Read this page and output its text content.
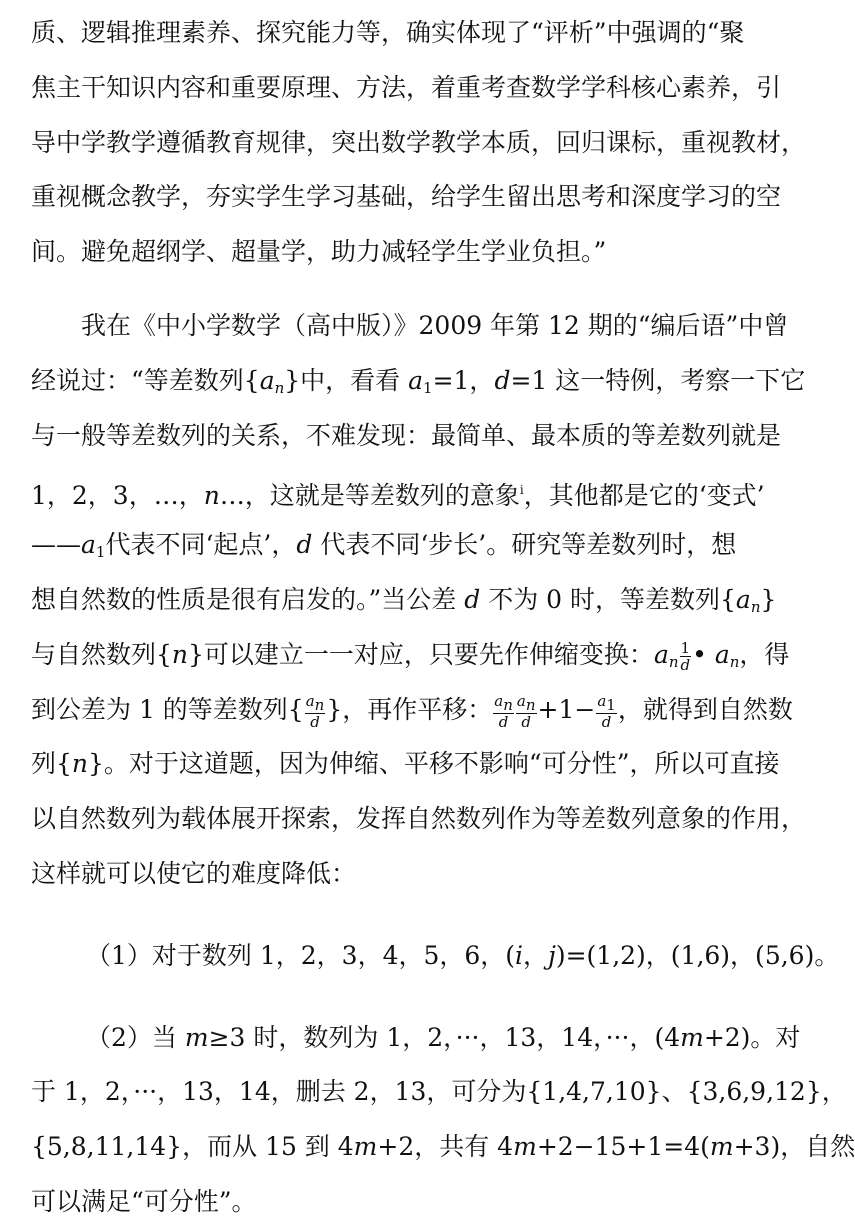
质、逻辑推理素养、探究能力等，确实体现了“评析”中强调的“聚
焦主干知识内容和重要原理、方法，着重考查数学学科核心素养，引
导中学教学遵循教育规律，突出数学教学本质，回归课标，重视教材，
重视概念教学，夯实学生学习基础，给学生留出思考和深度学习的空
间。避免超纲学、超量学，助力减轻学生学业负担。”
我在《中小学数学（高中版）》2009 年第 12 期的“编后语”中曾
经说过：“等差数列$\{a_n\}$中，看看 $a_1=1$，d=1 这一特例，考察一下它
与一般等差数列的关系，不难发现：最简单、最本质的等差数列就是
1，2，3，…，n…，这就是等差数列的意象$^i$，其他都是它的‘变式’
$——a_1$代表不同‘起点’，d 代表不同‘步长’。研究等差数列时，想
想自然数的性质是很有启发的。”当公差 d 不为 0 时，等差数列$\{a_n\}$
与自然数列{n}可以建立一一对应，只要先作伸缩变换：$a_n \frac{1}{d}$ • $a_n$，得
到公差为 1 的等差数列{ $\frac{a_n}{d}$ }，再作平移： $\frac{a_n}{d} \frac{a_n}{d} +1- \frac{a_1}{d}$ ，就得到自然数
列{n}。对于这道题，因为伸缩、平移不影响“可分性”，所以可直接
以自然数列为载体展开探索，发挥自然数列作为等差数列意象的作用，
这样就可以使它的难度降低：
（1）对于数列 1，2，3，4，5，6，(i，j)=(1,2)，(1,6)，(5,6)。
（2）当 m≥3 时，数列为 1，2，···，13，14，···，(4m+2)。对
于 1，2，···，13，14，删去 2，13，可分为{1,4,7,10}、{3,6,9,12}，
{5,8,11,14}，而从 15 到 4m+2，共有 4m+2−15+1=4(m+3)，自然
可以满足“可分性”。
